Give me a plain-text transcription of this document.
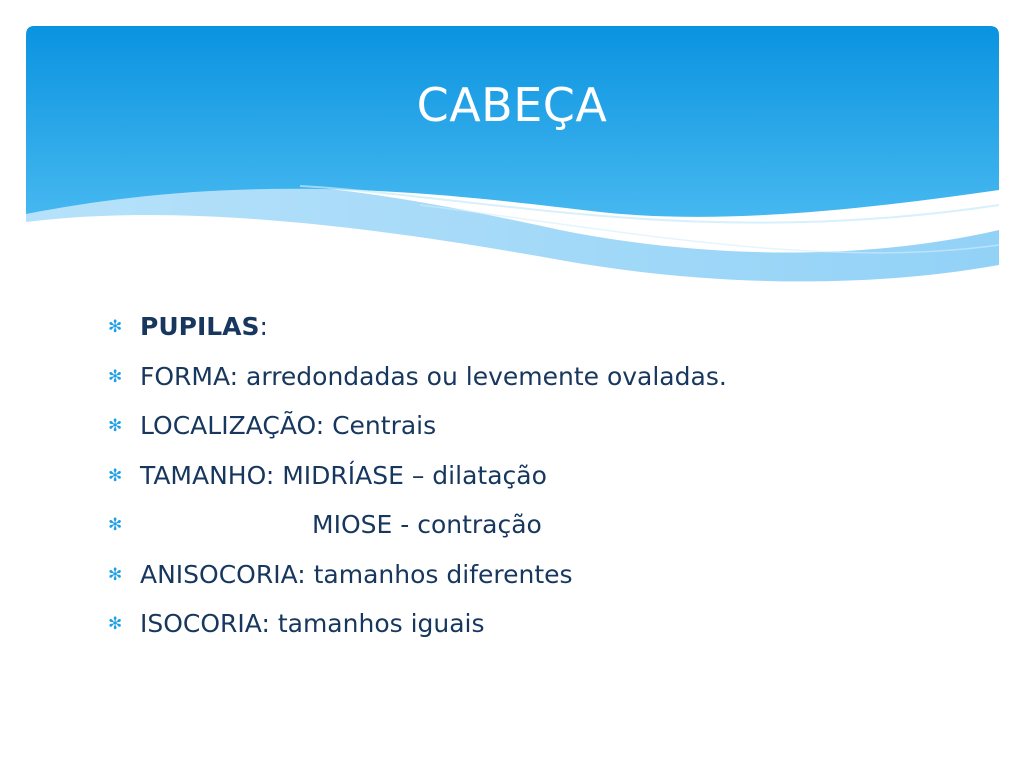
CABEÇA
✻ PUPILAS:
✻ FORMA: arredondadas ou levemente ovaladas.
✻ LOCALIZAÇÃO: Centrais
✻ TAMANHO: MIDRÍASE – dilatação
✻	MIOSE - contração
✻ ANISOCORIA: tamanhos diferentes
✻ ISOCORIA: tamanhos iguais
